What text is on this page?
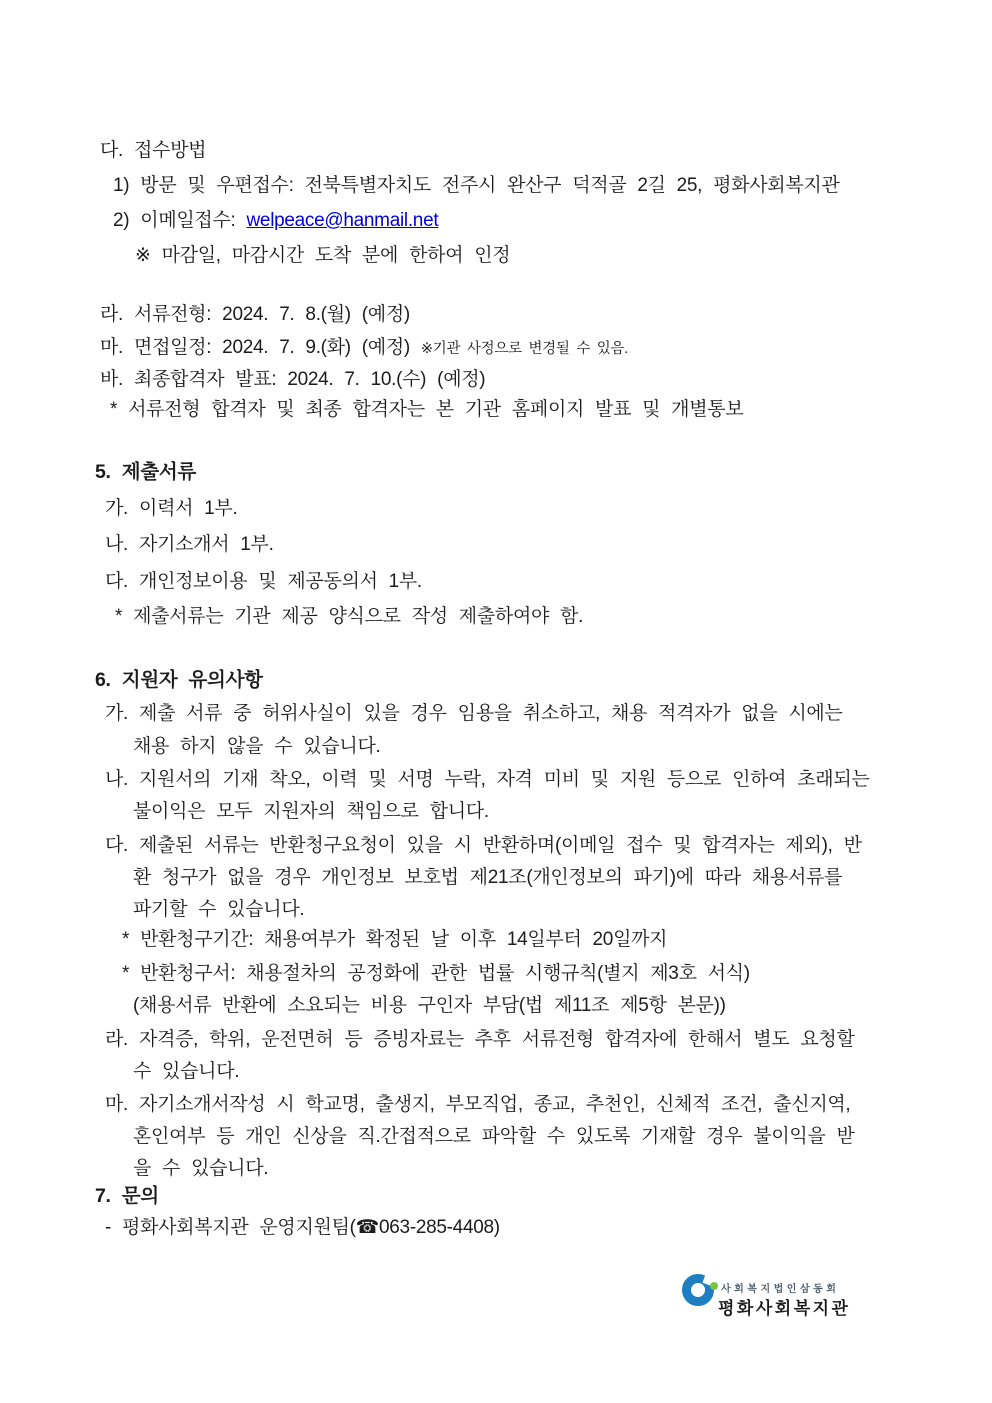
다. 접수방법
1) 방문 및 우편접수: 전북특별자치도 전주시 완산구 덕적골 2길 25, 평화사회복지관
2) 이메일접수: welpeace@hanmail.net
※ 마감일, 마감시간 도착 분에 한하여 인정
라. 서류전형: 2024. 7. 8.(월) (예정)
마. 면접일정: 2024. 7. 9.(화) (예정) ※기관 사정으로 변경될 수 있음.
바. 최종합격자 발표: 2024. 7. 10.(수) (예정)
* 서류전형 합격자 및 최종 합격자는 본 기관 홈페이지 발표 및 개별통보
5. 제출서류
가. 이력서 1부.
나. 자기소개서 1부.
다. 개인정보이용 및 제공동의서 1부.
* 제출서류는 기관 제공 양식으로 작성 제출하여야 함.
6. 지원자 유의사항
가. 제출 서류 중 허위사실이 있을 경우 임용을 취소하고, 채용 적격자가 없을 시에는
채용 하지 않을 수 있습니다.
나. 지원서의 기재 착오, 이력 및 서명 누락, 자격 미비 및 지원 등으로 인하여 초래되는
불이익은 모두 지원자의 책임으로 합니다.
다. 제출된 서류는 반환청구요청이 있을 시 반환하며(이메일 접수 및 합격자는 제외), 반
환 청구가 없을 경우 개인정보 보호법 제21조(개인정보의 파기)에 따라 채용서류를
파기할 수 있습니다.
* 반환청구기간: 채용여부가 확정된 날 이후 14일부터 20일까지
* 반환청구서: 채용절차의 공정화에 관한 법률 시행규칙(별지 제3호 서식)
(채용서류 반환에 소요되는 비용 구인자 부담(법 제11조 제5항 본문))
라. 자격증, 학위, 운전면허 등 증빙자료는 추후 서류전형 합격자에 한해서 별도 요청할
수 있습니다.
마. 자기소개서작성 시 학교명, 출생지, 부모직업, 종교, 추천인, 신체적 조건, 출신지역,
혼인여부 등 개인 신상을 직.간접적으로 파악할 수 있도록 기재할 경우 불이익을 받
을 수 있습니다.
7. 문의
- 평화사회복지관 운영지원팀(☎063-285-4408)
사회복지법인삼동회
평화사회복지관
